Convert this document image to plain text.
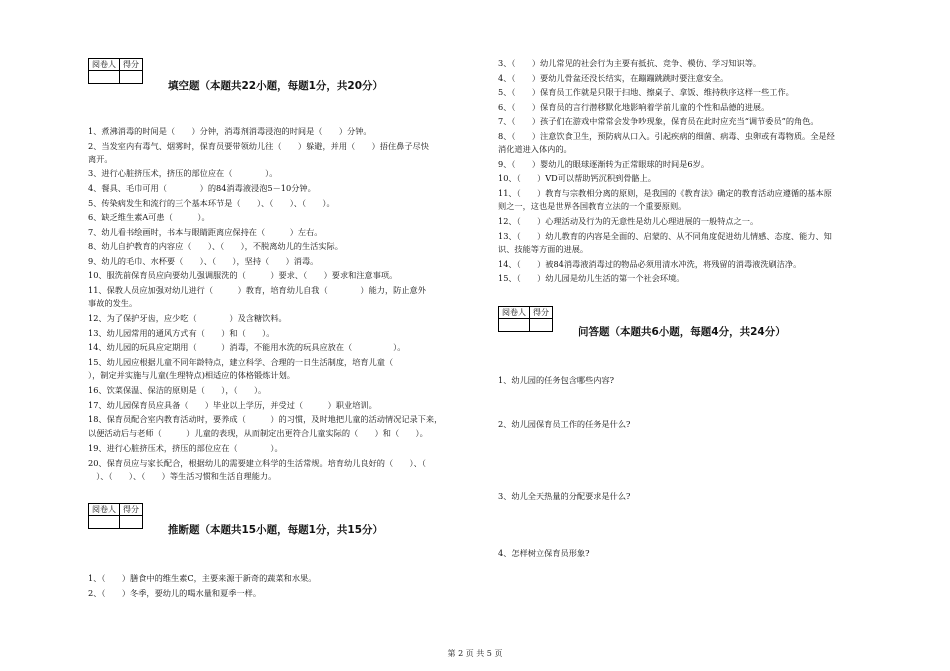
阅卷人	得分

填空题（本题共22小题，每题1分，共20分）
1、煮沸消毒的时间是（　　）分钟，消毒剂消毒浸泡的时间是（　　）分钟。
2、当发室内有毒气、烟雾时，保育员要带领幼儿往（　　）躲避，并用（　　）捂住鼻子尽快
离开。
3、进行心脏挤压术，挤压的部位应在（　　　　）。
4、餐具、毛巾可用（　　　　）的84消毒液浸泡5－10分钟。
5、传染病发生和流行的三个基本环节是（　　）、（　　）、（　　）。
6、缺乏维生素A可患（　　　）。
7、幼儿看书绘画时，书本与眼睛距离应保持在（　　　）左右。
8、幼儿自护教育的内容应（　　）、（　　），不脱离幼儿的生活实际。
9、幼儿的毛巾、水杯要（　　）、（　　），坚持（　　）消毒。
10、服洗前保育员应向要幼儿强调服洗的（　　　）要求、（　　）要求和注意事项。
11、保教人员应加强对幼儿进行（　　　）教育，培育幼儿自我（　　　　）能力，防止意外
事故的发生。
12、为了保护牙齿，应少吃（　　　　）及含糖饮料。
13、幼儿园常用的通风方式有（　　）和（　　）。
14、幼儿园的玩具应定期用（　　　）消毒，不能用水洗的玩具应放在（　　　　　）。
15、幼儿园应根据儿童不同年龄特点，建立科学、合理的一日生活制度，培育儿童（　　　　
），制定并实施与儿童(生理特点)相适应的体格锻炼计划。
16、饮菜保温、保洁的原则是（　　），（　　）。
17、幼儿园保育员应具备（　　）毕业以上学历，并受过（　　　）职业培训。
18、保育员配合室内教育活动时，要养成（　　　）的习惯，及时地把儿童的活动情况记录下来，
以便活动后与老师（　　　）儿童的表现，从而制定出更符合儿童实际的（　　）和（　　）。
19、进行心脏挤压术，挤压的部位应在（　　　　）。
20、保育员应与家长配合，根据幼儿的需要建立科学的生活常规。培育幼儿良好的（　　）、（
　）、（　　）、（　　）等生活习惯和生活自理能力。
阅卷人	得分

推断题（本题共15小题，每题1分，共15分）
1、（　　）膳食中的维生素C，主要来源于新奇的蔬菜和水果。
2、（　　）冬季，要幼儿的喝水量和夏季一样。
3、（　　）幼儿常见的社会行为主要有抵抗、竞争、模仿、学习知识等。
4、（　　）要幼儿骨盆还没长结实，在蹦蹦跳跳时要注意安全。
5、（　　）保育员工作就是只限于扫地、擦桌子、拿饭、维持秩序这样一些工作。
6、（　　）保育员的言行潜移默化地影响着学前儿童的个性和品德的进展。
7、（　　）孩子们在游戏中常常会发争吵现象，保育员在此时应充当“调节委员”的角色。
8、（　　）注意饮食卫生，预防病从口入。引起疾病的细菌、病毒、虫卵或有毒物质。全是经
消化道进入体内的。
9、（　　）婴幼儿的眼球逐渐转为正常眼球的时间是6岁。
10、（　　）VD可以帮助钙沉积到骨骼上。
11、（　　）教育与宗教相分离的原则，是我国的《教育法》确定的教育活动应遵循的基本原
则之一，这也是世界各国教育立法的一个重要原则。
12、（　　）心理活动及行为的无意性是幼儿心理进展的一般特点之一。
13、（　　）幼儿教育的内容是全面的、启蒙的、从不同角度促进幼儿情感、态度、能力、知
识、技能等方面的进展。
14、（　　）被84消毒液消毒过的物品必须用清水冲洗，将残留的消毒液洗刷洁净。
15、（　　）幼儿园是幼儿生活的第一个社会环境。
阅卷人	得分

问答题（本题共6小题，每题4分，共24分）
1、幼儿园的任务包含哪些内容?
2、幼儿园保育员工作的任务是什么?
3、幼儿全天热量的分配要求是什么?
4、怎样树立保育员形象?
第 2 页 共 5 页
